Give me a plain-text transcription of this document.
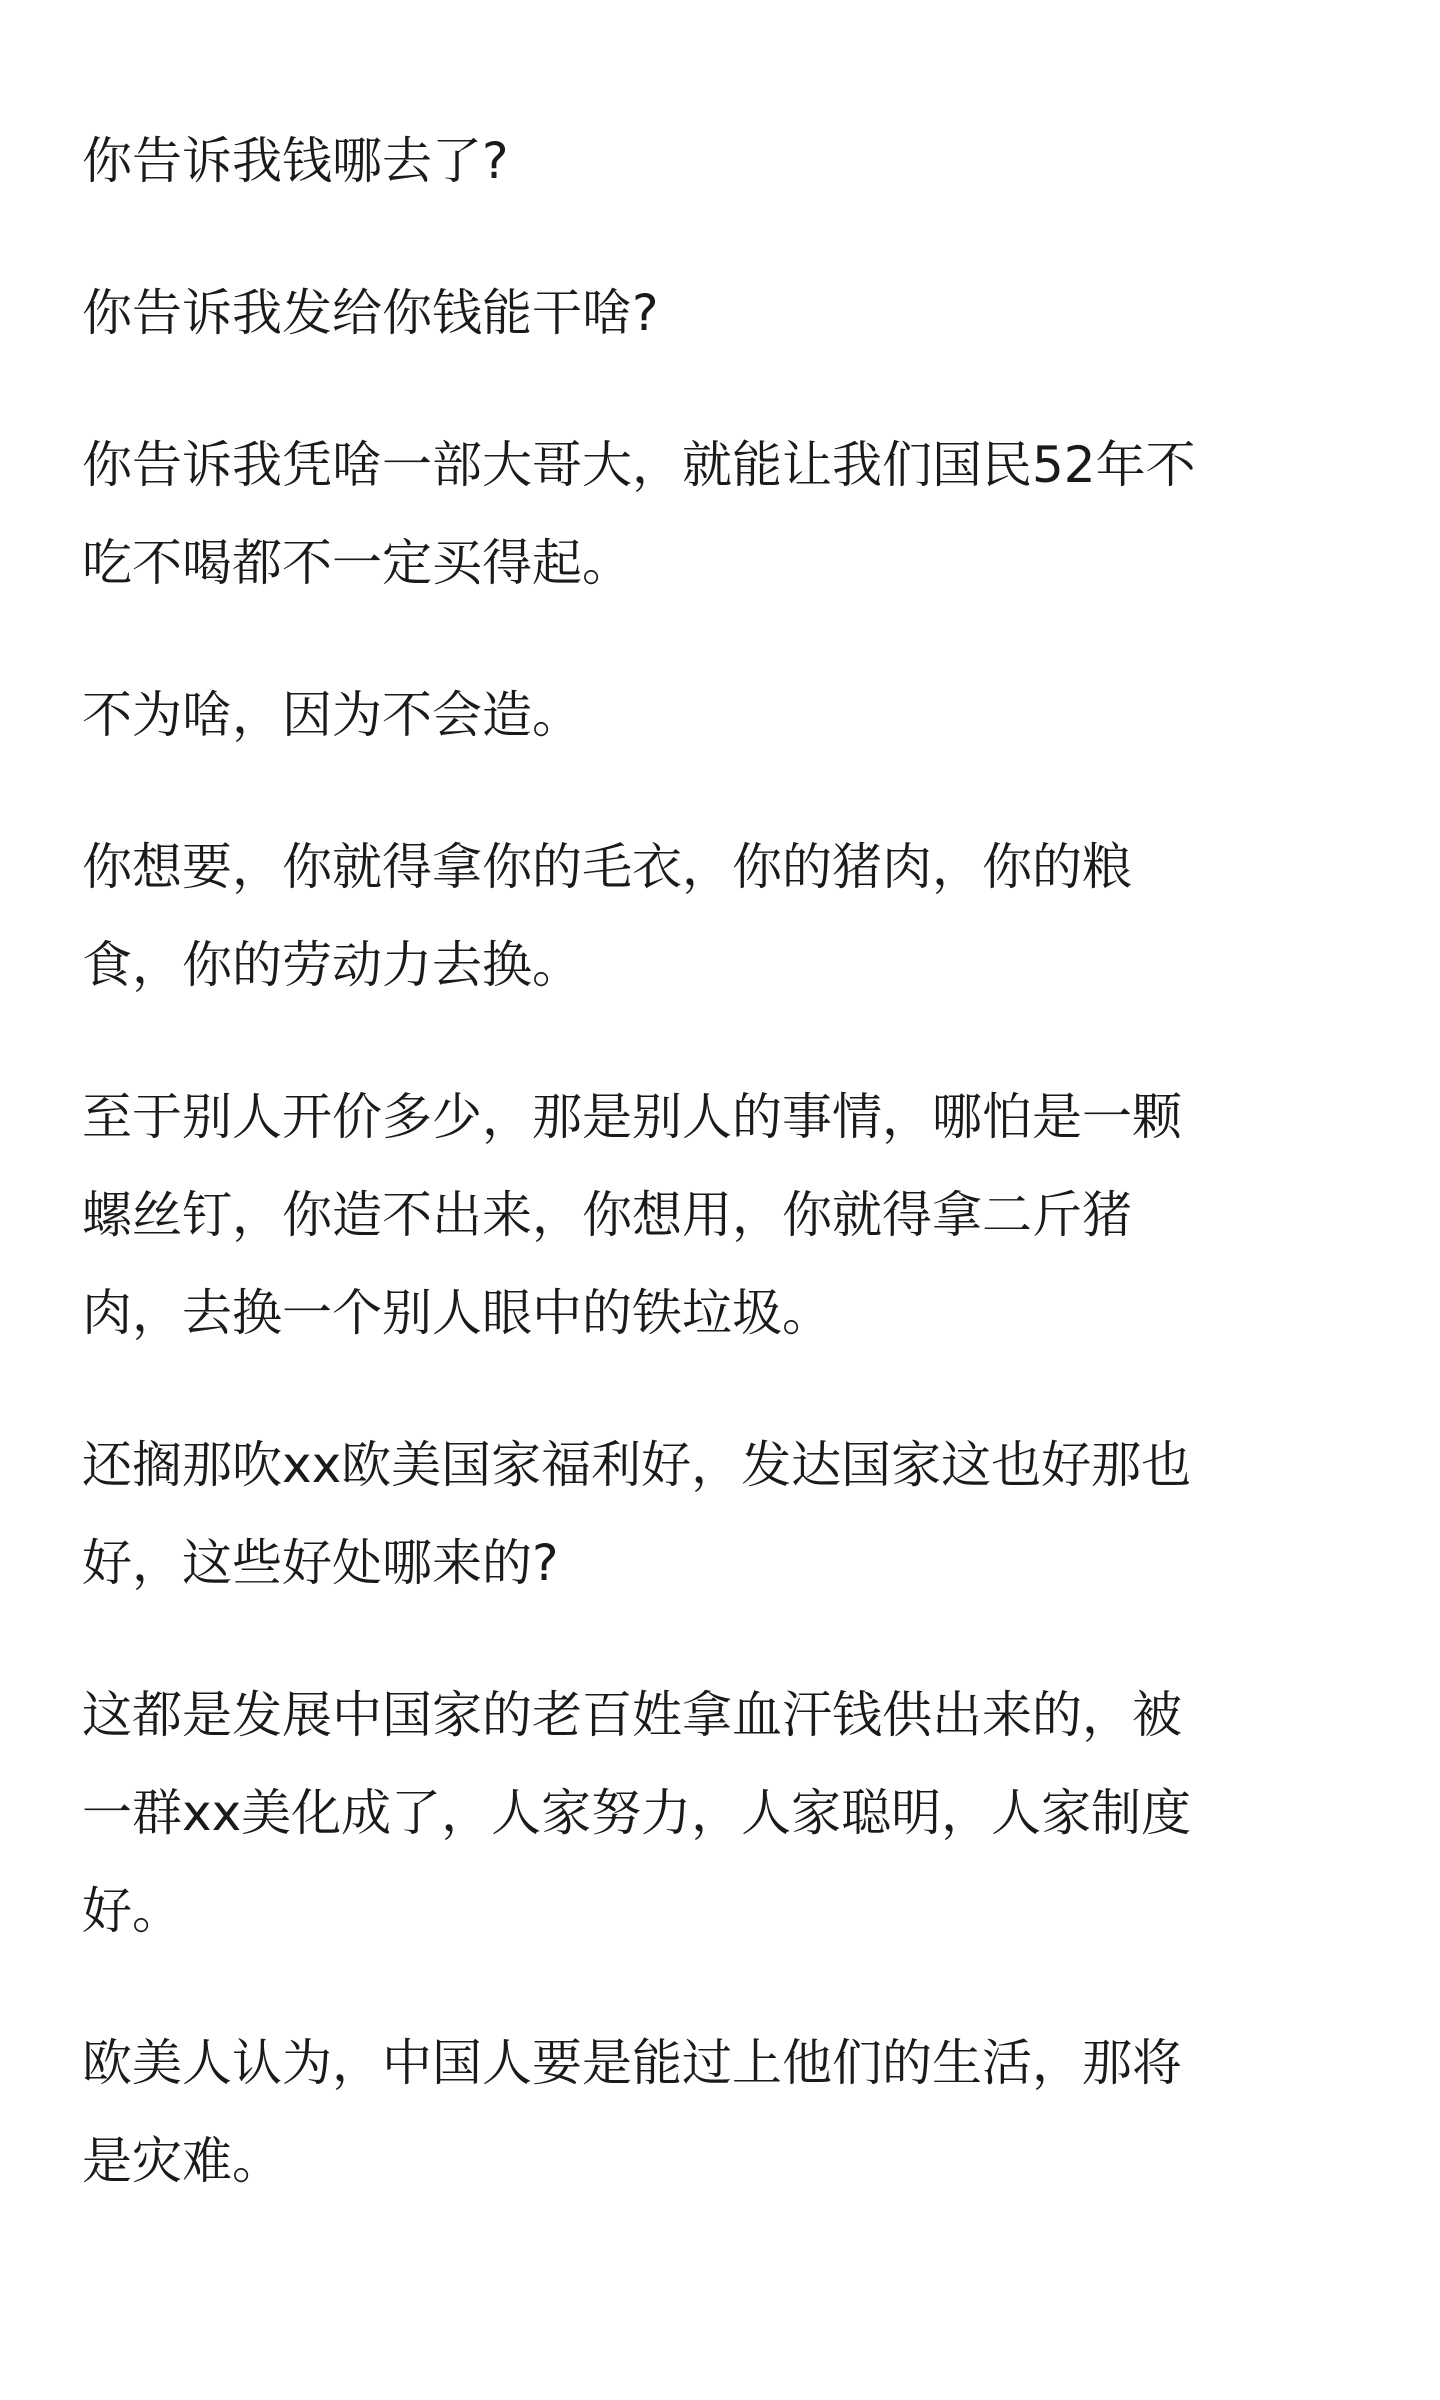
你告诉我钱哪去了?

你告诉我发给你钱能干啥?

你告诉我凭啥一部大哥大，就能让我们国民52年不
吃不喝都不一定买得起。

不为啥，因为不会造。

你想要，你就得拿你的毛衣，你的猪肉，你的粮
食，你的劳动力去换。

至于别人开价多少，那是别人的事情，哪怕是一颗
螺丝钉，你造不出来，你想用，你就得拿二斤猪
肉，去换一个别人眼中的铁垃圾。

还搁那吹xx欧美国家福利好，发达国家这也好那也
好，这些好处哪来的?

这都是发展中国家的老百姓拿血汗钱供出来的，被
一群xx美化成了，人家努力，人家聪明，人家制度
好。

欧美人认为，中国人要是能过上他们的生活，那将
是灾难。
